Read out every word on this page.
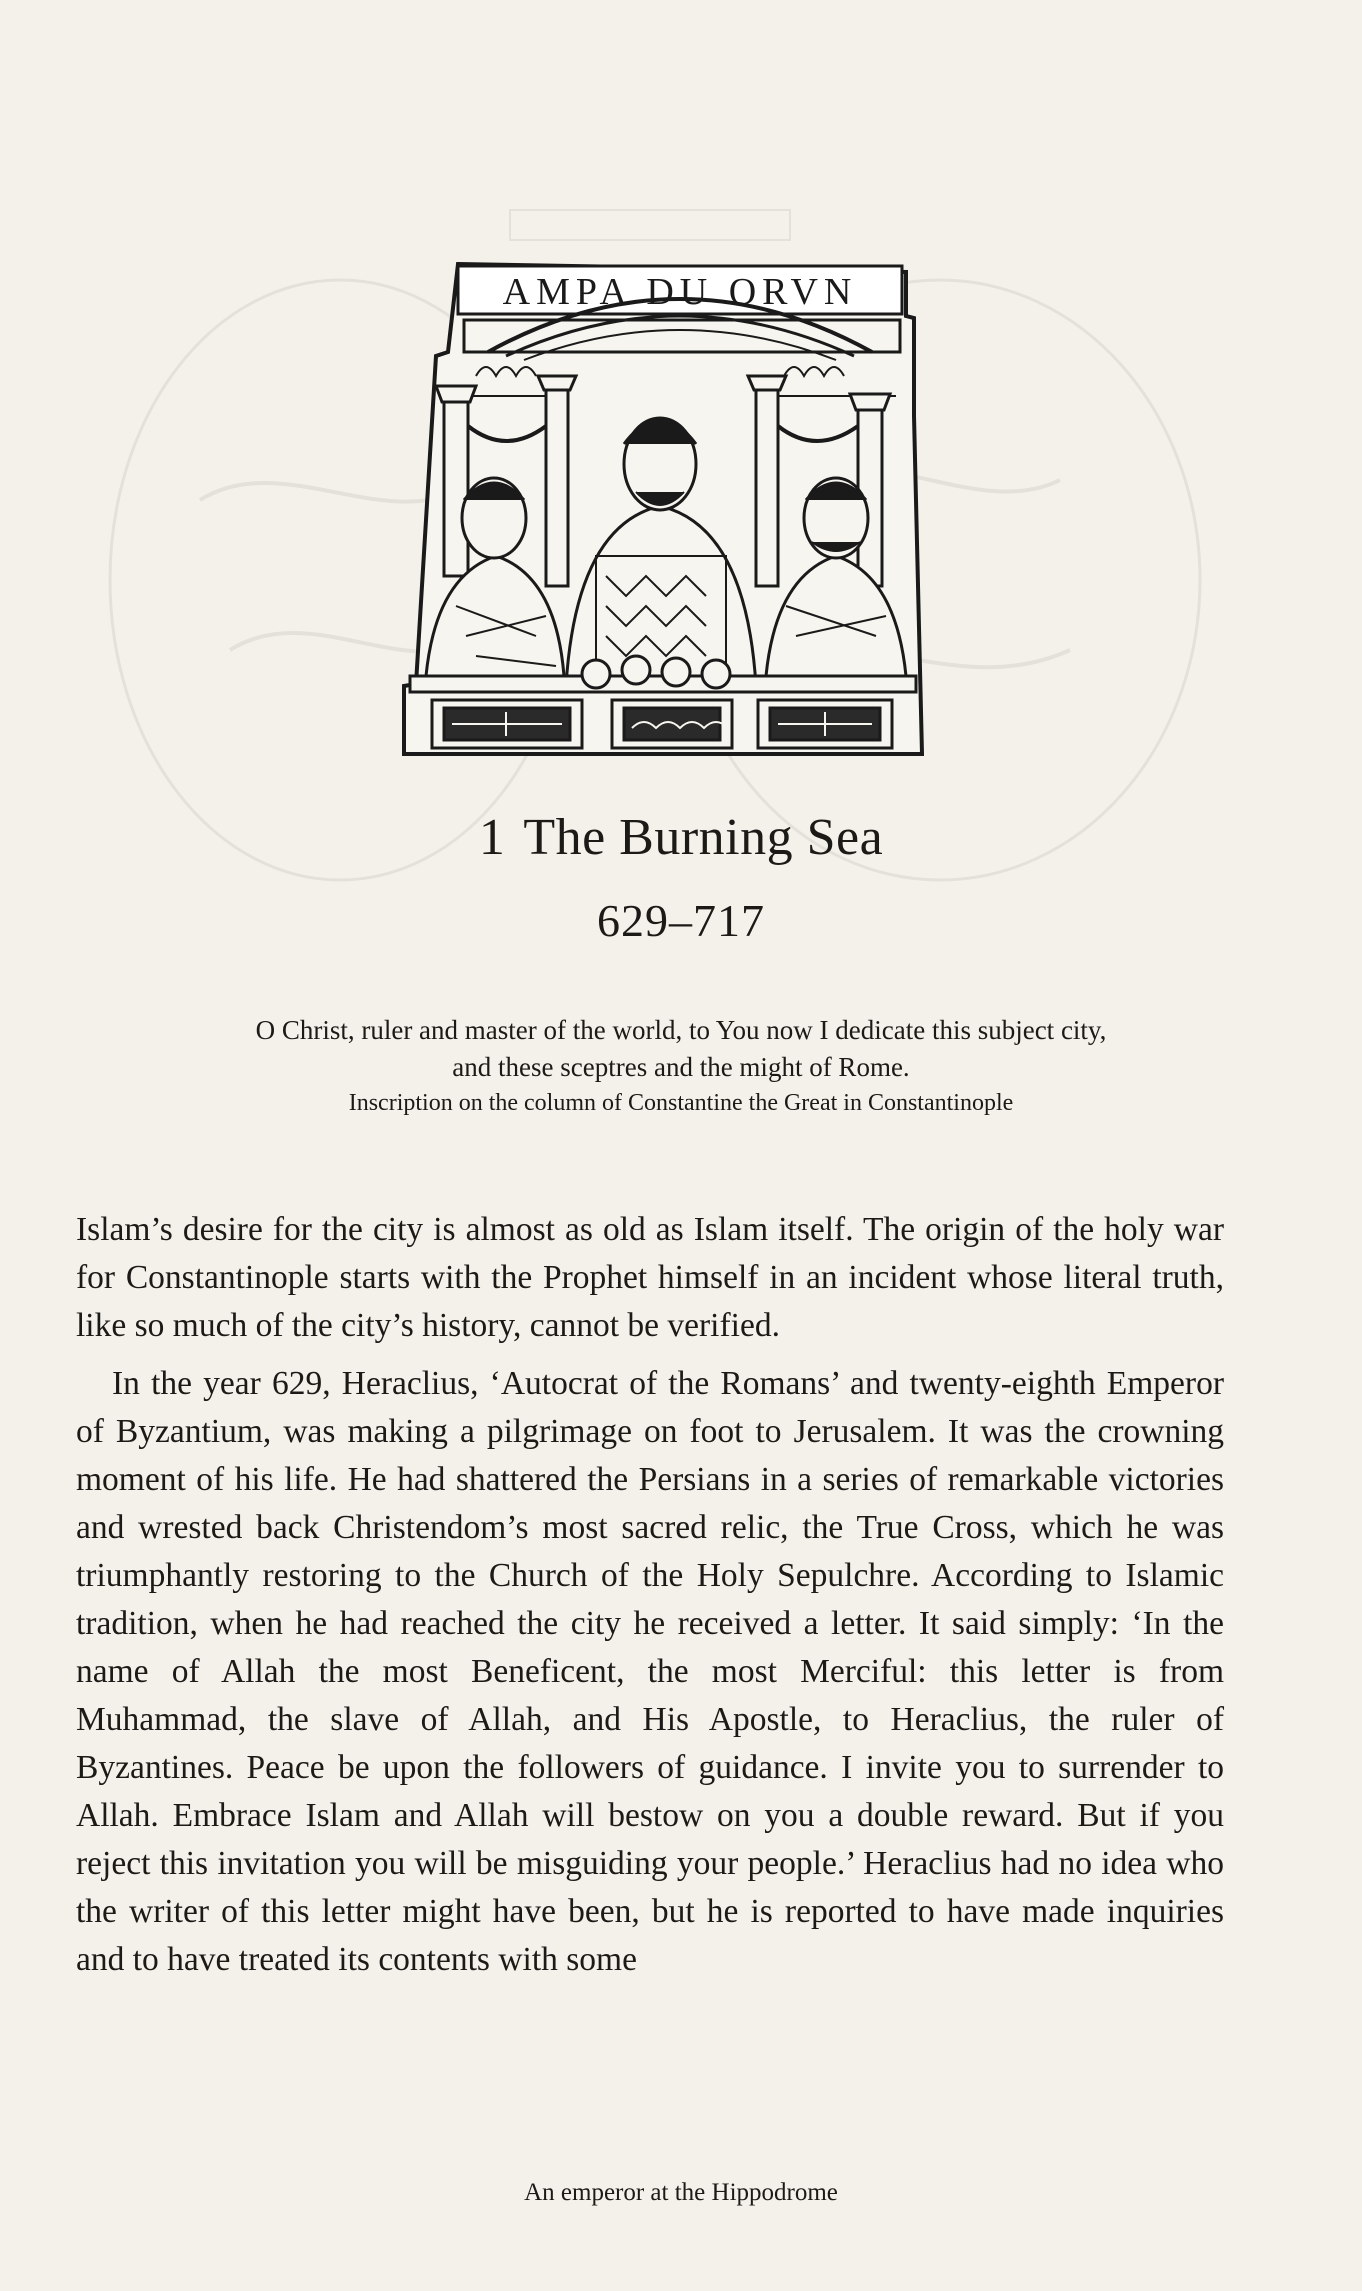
AMPA DU ORVN
1 The Burning Sea
629–717
O Christ, ruler and master of the world, to You now I dedicate this subject city,
and these sceptres and the might of Rome.
Inscription on the column of Constantine the Great in Constantinople

Islam’s desire for the city is almost as old as Islam itself. The origin of the holy war for Constantinople starts with the Prophet himself in an incident whose literal truth, like so much of the city’s history, cannot be verified.

In the year 629, Heraclius, ‘Autocrat of the Romans’ and twenty-eighth Emperor of Byzantium, was making a pilgrimage on foot to Jerusalem. It was the crowning moment of his life. He had shattered the Persians in a series of remarkable victories and wrested back Christendom’s most sacred relic, the True Cross, which he was triumphantly restoring to the Church of the Holy Sepulchre. According to Islamic tradition, when he had reached the city he received a letter. It said simply: ‘In the name of Allah the most Beneficent, the most Merciful: this letter is from Muhammad, the slave of Allah, and His Apostle, to Heraclius, the ruler of Byzantines. Peace be upon the followers of guidance. I invite you to surrender to Allah. Embrace Islam and Allah will bestow on you a double reward. But if you reject this invitation you will be misguiding your people.’ Heraclius had no idea who the writer of this letter might have been, but he is reported to have made inquiries and to have treated its contents with some

An emperor at the Hippodrome
